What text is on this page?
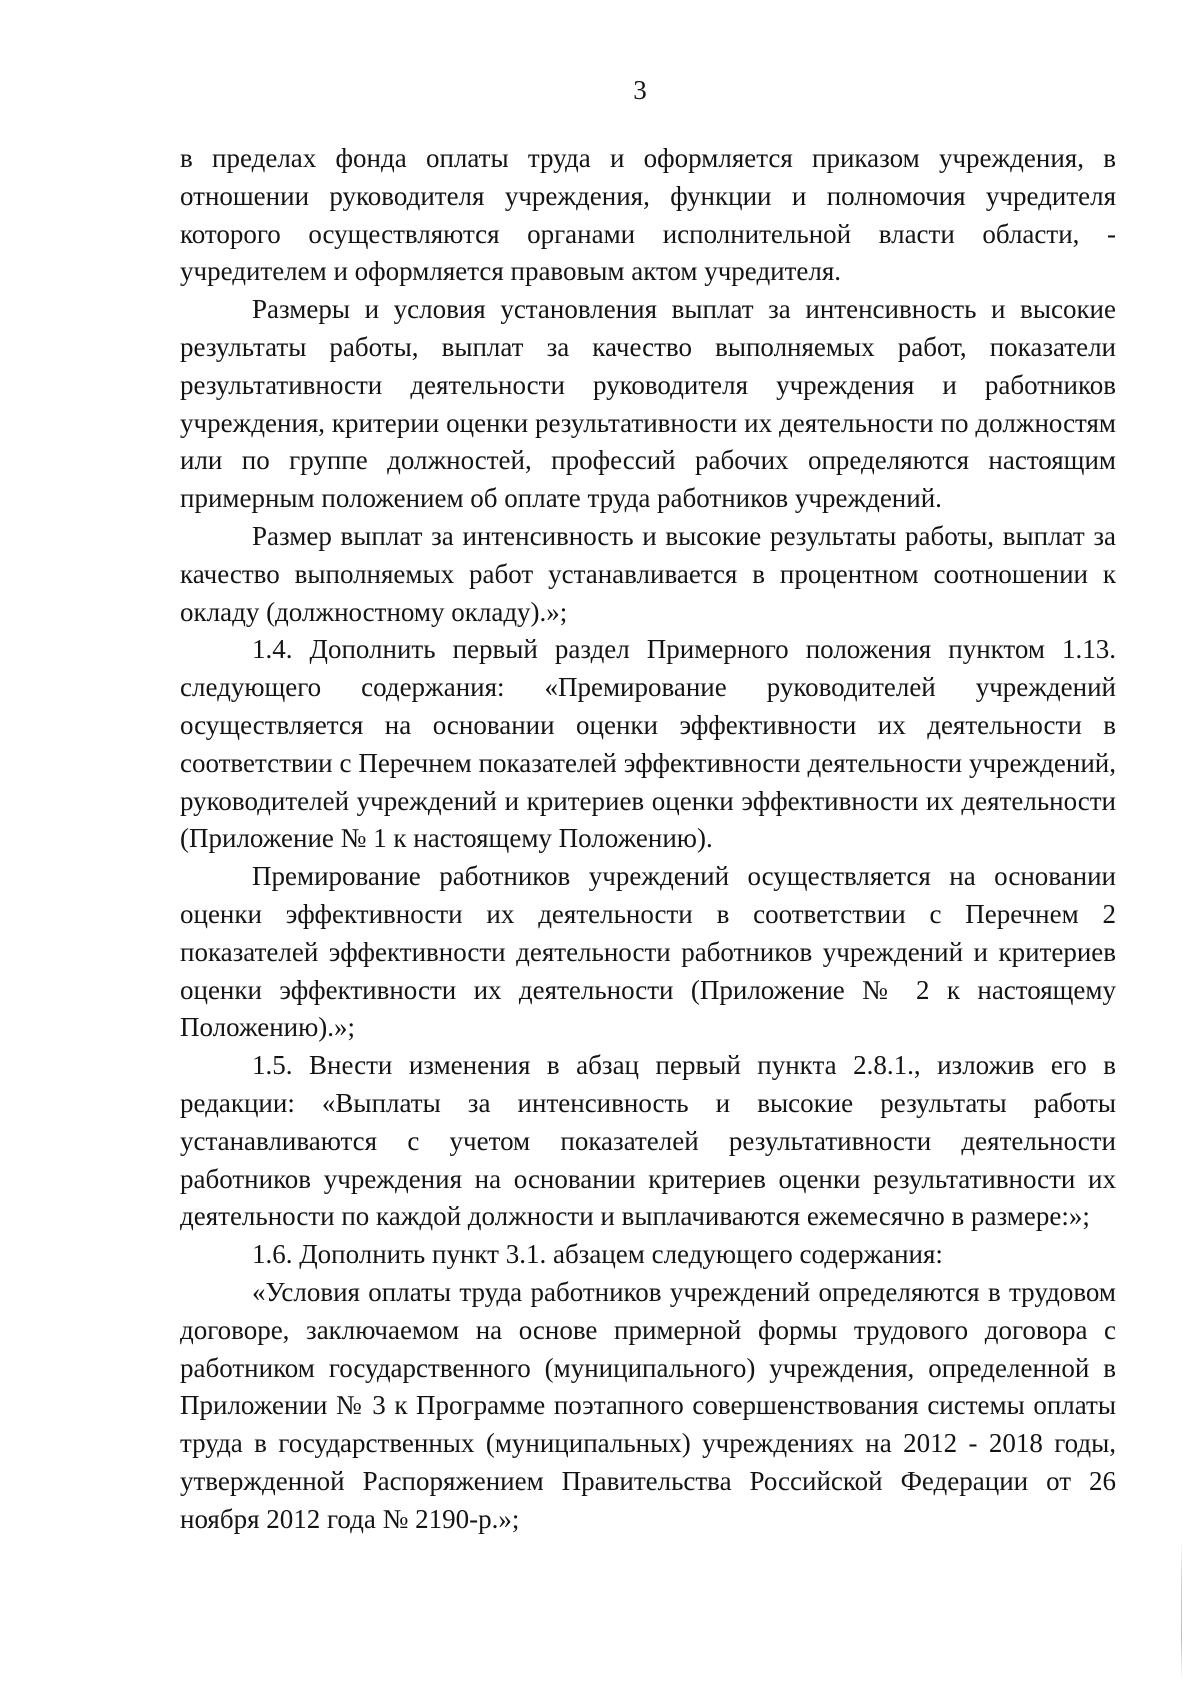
3

в пределах фонда оплаты труда и оформляется приказом учреждения, в отношении руководителя учреждения, функции и полномочия учредителя которого осуществляются органами исполнительной власти области, - учредителем и оформляется правовым актом учредителя.

Размеры и условия установления выплат за интенсивность и высокие результаты работы, выплат за качество выполняемых работ, показатели результативности деятельности руководителя учреждения и работников учреждения, критерии оценки результативности их деятельности по должностям или по группе должностей, профессий рабочих определяются настоящим примерным положением об оплате труда работников учреждений.

Размер выплат за интенсивность и высокие результаты работы, выплат за качество выполняемых работ устанавливается в процентном соотношении к окладу (должностному окладу).»;

1.4. Дополнить первый раздел Примерного положения пунктом 1.13. следующего содержания: «Премирование руководителей учреждений осуществляется на основании оценки эффективности их деятельности в соответствии с Перечнем показателей эффективности деятельности учреждений, руководителей учреждений и критериев оценки эффективности их деятельности (Приложение № 1 к настоящему Положению).

Премирование работников учреждений осуществляется на основании оценки эффективности их деятельности в соответствии с Перечнем 2 показателей эффективности деятельности работников учреждений и критериев оценки эффективности их деятельности (Приложение № 2 к настоящему Положению).»;

1.5. Внести изменения в абзац первый пункта 2.8.1., изложив его в редакции: «Выплаты за интенсивность и высокие результаты работы устанавливаются с учетом показателей результативности деятельности работников учреждения на основании критериев оценки результативности их деятельности по каждой должности и выплачиваются ежемесячно в размере:»;

1.6. Дополнить пункт 3.1. абзацем следующего содержания:

«Условия оплаты труда работников учреждений определяются в трудовом договоре, заключаемом на основе примерной формы трудового договора с работником государственного (муниципального) учреждения, определенной в Приложении № 3 к Программе поэтапного совершенствования системы оплаты труда в государственных (муниципальных) учреждениях на 2012 - 2018 годы, утвержденной Распоряжением Правительства Российской Федерации от 26 ноября 2012 года № 2190-р.»;
